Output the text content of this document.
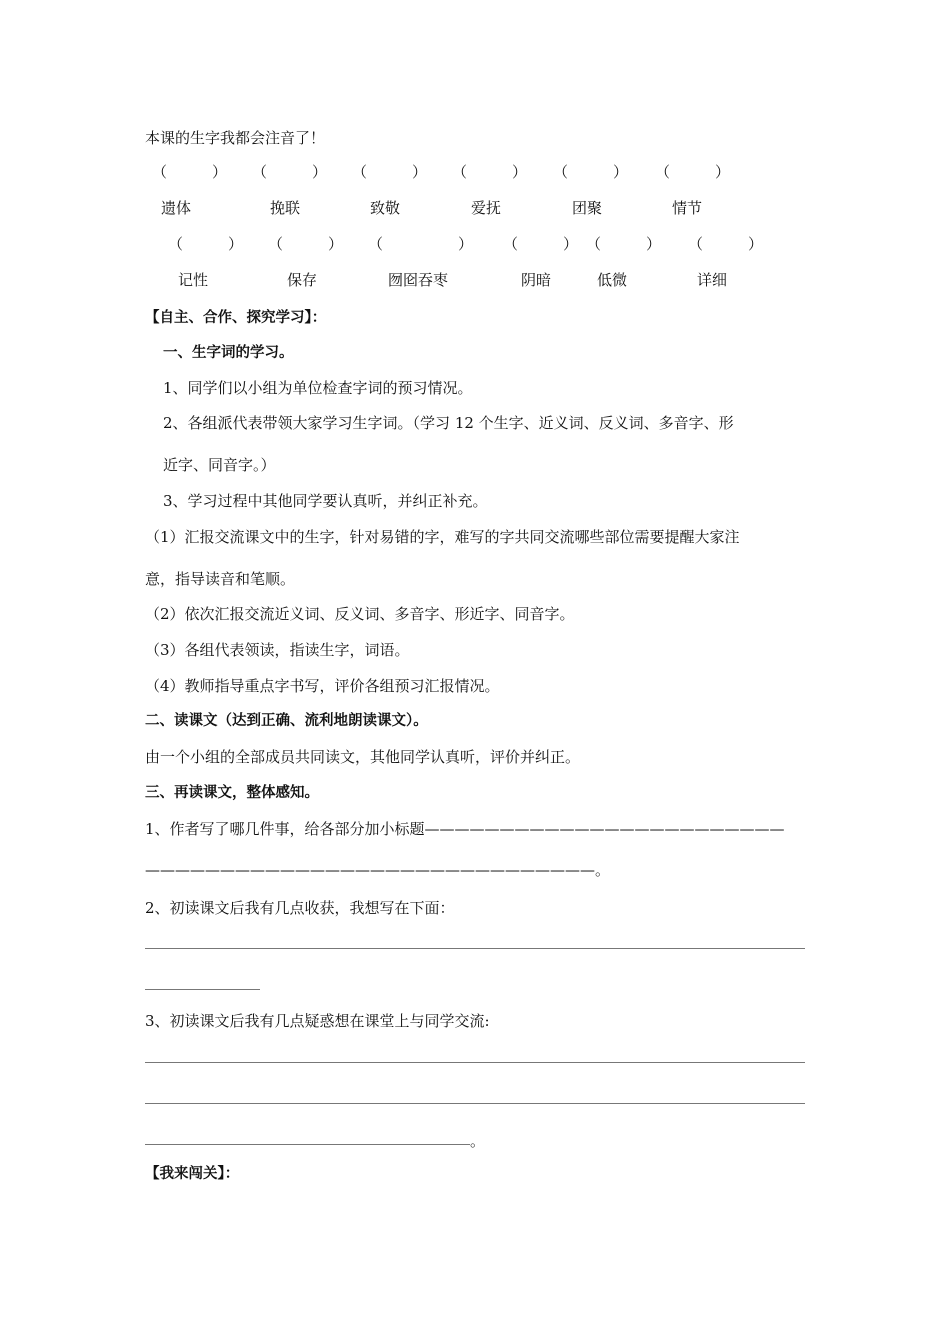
本课的生字我都会注音了！
（　　　） （　　　） （　　　） （　　　） （　　　） （　　　）
遗体	挽联	致敬	爱抚	团聚	情节
（　　　） （　　　） （　　　　　） （　　　） （　　　） （　　　）
记性	保存	囫囵吞枣	阴暗	低微	详细
【自主、合作、探究学习】：
一、生字词的学习。
1、同学们以小组为单位检查字词的预习情况。
2、各组派代表带领大家学习生字词。（学习 12 个生字、近义词、反义词、多音字、形
近字、同音字。）
3、学习过程中其他同学要认真听，并纠正补充。
（1）汇报交流课文中的生字，针对易错的字，难写的字共同交流哪些部位需要提醒大家注
意，指导读音和笔顺。
（2）依次汇报交流近义词、反义词、多音字、形近字、同音字。
（3）各组代表领读，指读生字，词语。
（4）教师指导重点字书写，评价各组预习汇报情况。
二、读课文（达到正确、流利地朗读课文）。
由一个小组的全部成员共同读文，其他同学认真听，评价并纠正。
三、再读课文，整体感知。
1、作者写了哪几件事，给各部分加小标题————————————————————————
——————————————————————————————。
2、初读课文后我有几点收获，我想写在下面：
3、初读课文后我有几点疑惑想在课堂上与同学交流:
。
【我来闯关】：
